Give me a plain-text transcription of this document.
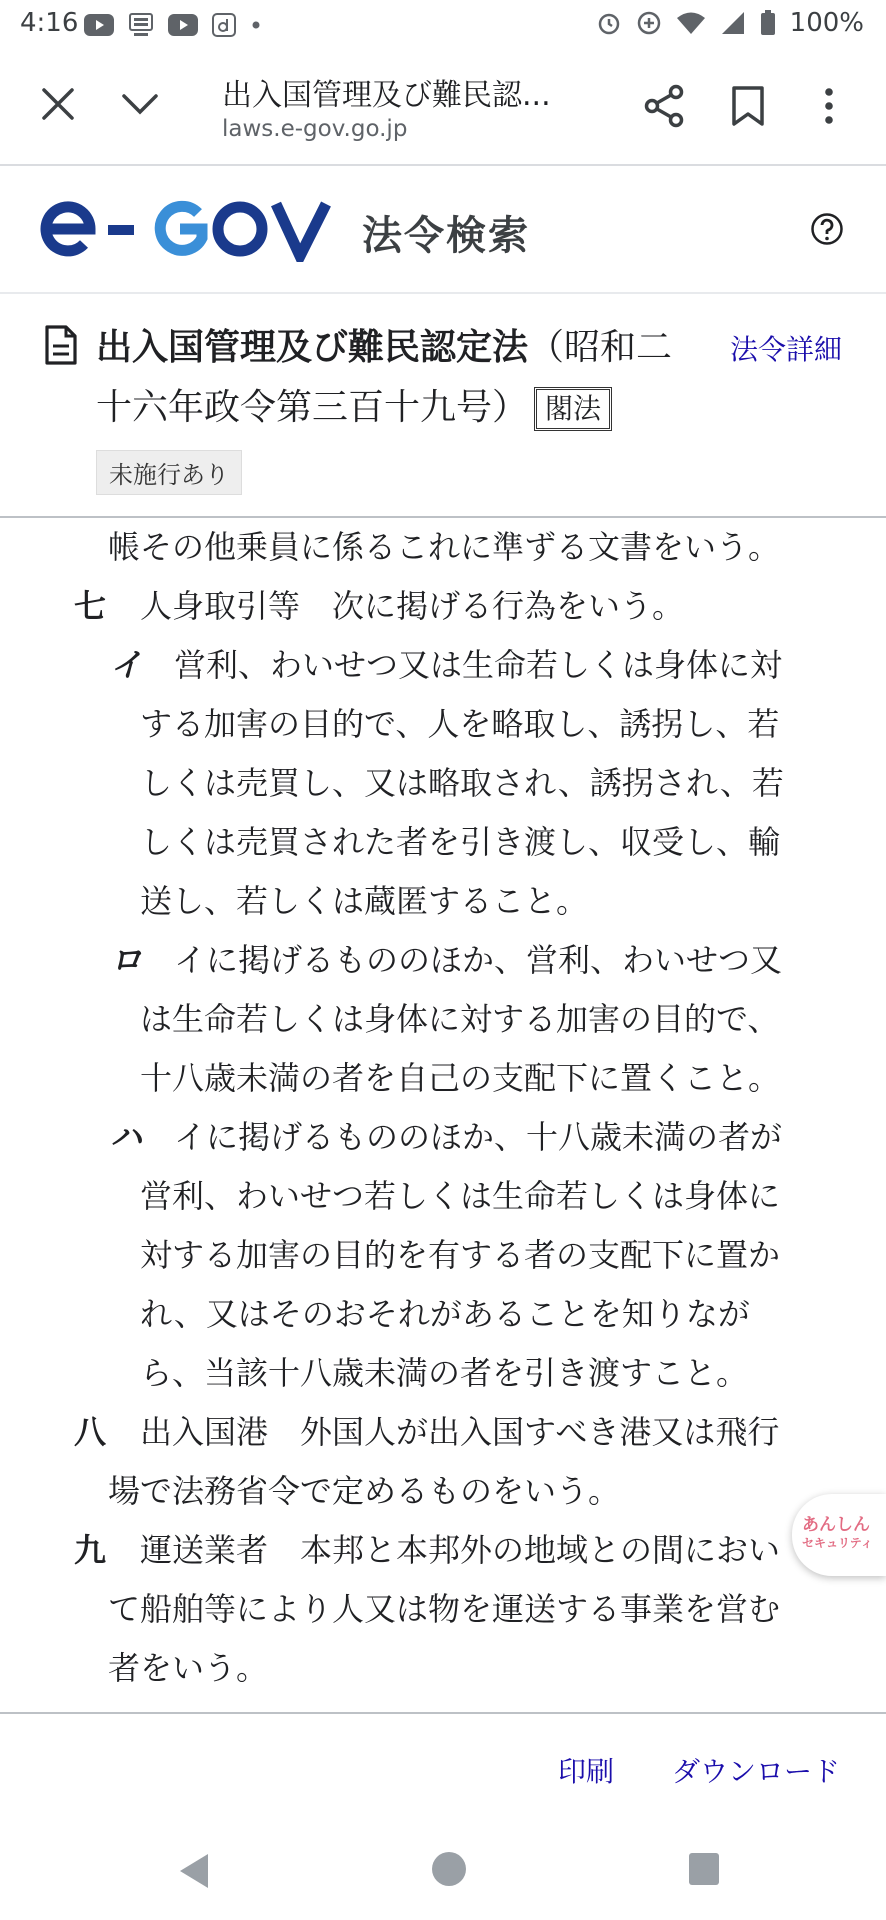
4:16	100%
出入国管理及び難民認...
laws.e-gov.go.jp
法令検索
出入国管理及び難民認定法（昭和二十六年政令第三百十九号） 閣法
法令詳細
未施行あり
帳その他乗員に係るこれに準ずる文書をいう。
七 人身取引等　次に掲げる行為をいう。
イ 営利、わいせつ又は生命若しくは身体に対
する加害の目的で、人を略取し、誘拐し、若
しくは売買し、又は略取され、誘拐され、若
しくは売買された者を引き渡し、収受し、輸
送し、若しくは蔵匿すること。
ロ イに掲げるもののほか、営利、わいせつ又
は生命若しくは身体に対する加害の目的で、
十八歳未満の者を自己の支配下に置くこと。
ハ イに掲げるもののほか、十八歳未満の者が
営利、わいせつ若しくは生命若しくは身体に
対する加害の目的を有する者の支配下に置か
れ、又はそのおそれがあることを知りなが
ら、当該十八歳未満の者を引き渡すこと。
八 出入国港　外国人が出入国すべき港又は飛行
場で法務省令で定めるものをいう。
九 運送業者　本邦と本邦外の地域との間におい
て船舶等により人又は物を運送する事業を営む
者をいう。
あんしん
セキュリティ
印刷 ダウンロード
